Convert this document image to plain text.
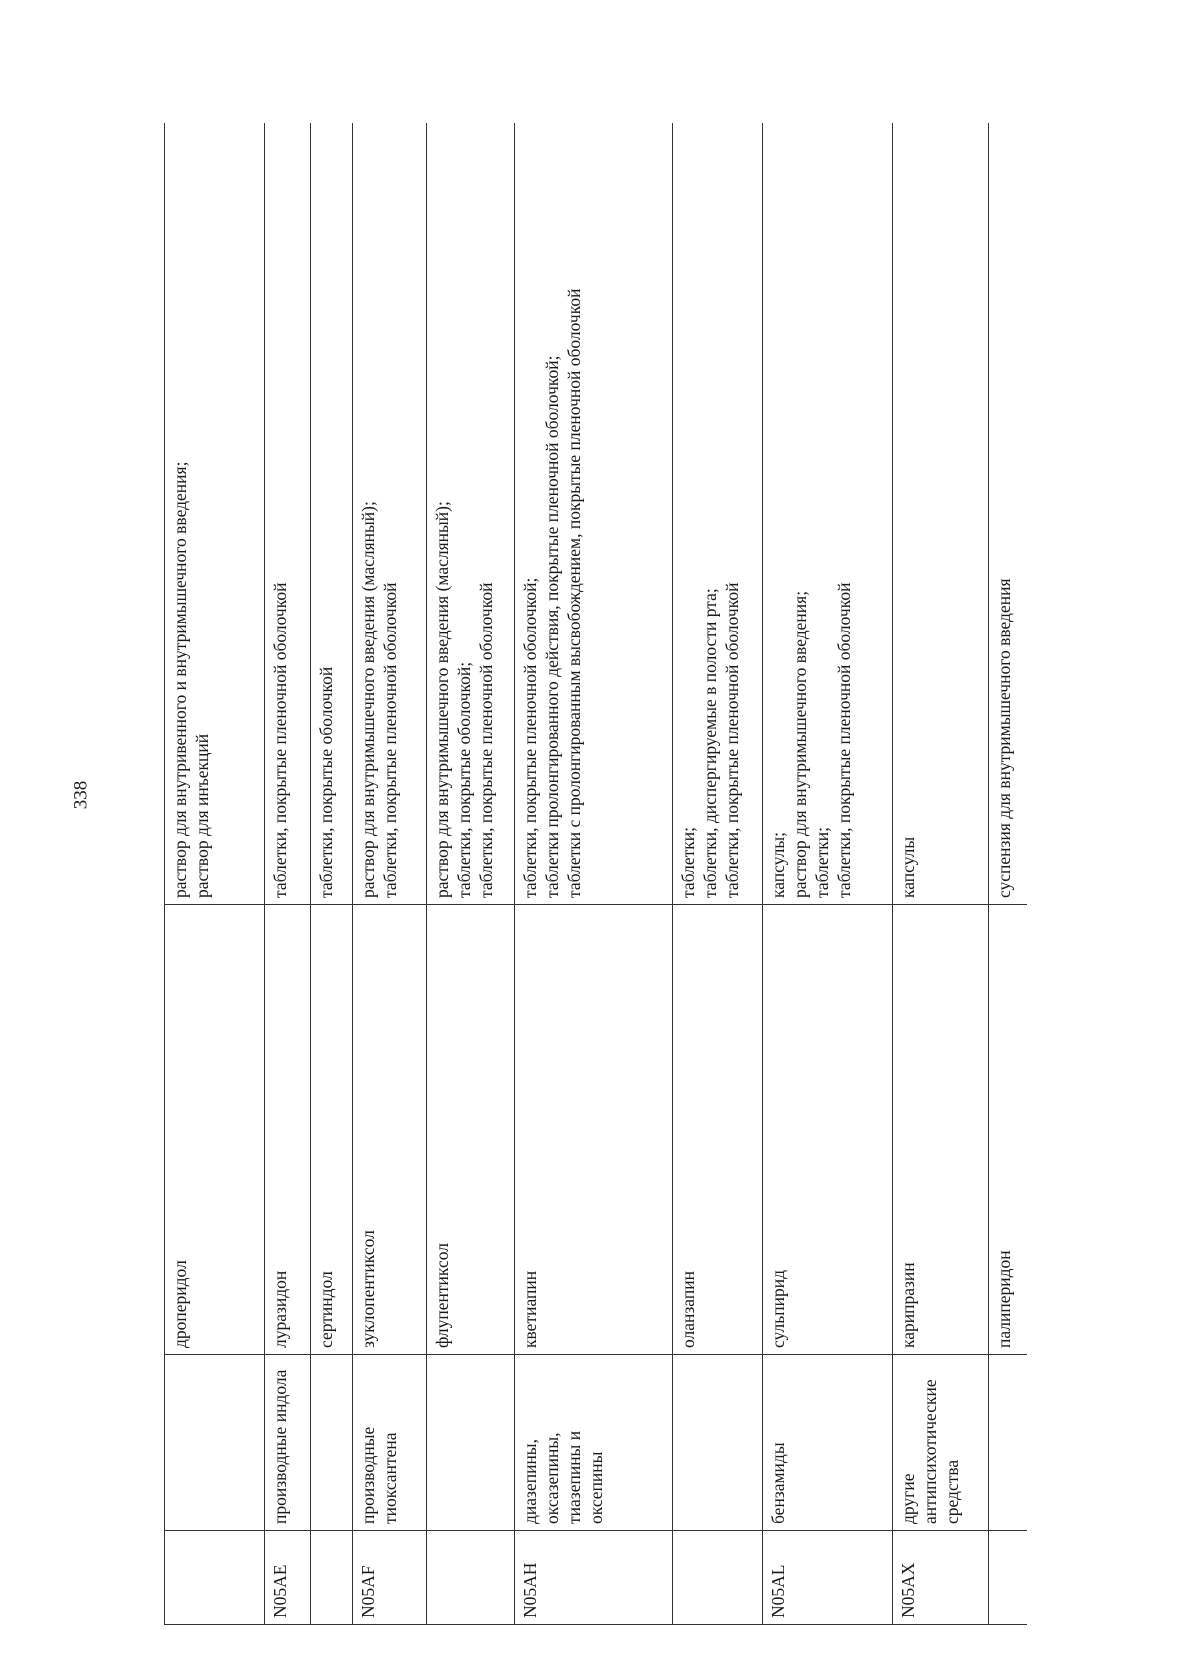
338
		дроперидол	раствор для внутривенного и внутримышечного введения; раствор для инъекций

N05AE	производные индола	луразидон	таблетки, покрытые пленочной оболочкой

		сертиндол	таблетки, покрытые оболочкой

N05AF	производные тиоксантена	зуклопентиксол	раствор для внутримышечного введения (масляный); таблетки, покрытые пленочной оболочкой

		флупентиксол	раствор для внутримышечного введения (масляный); таблетки, покрытые оболочкой; таблетки, покрытые пленочной оболочкой

N05AH	диазепины, оксазепины, тиазепины и оксепины	кветиапин	таблетки, покрытые пленочной оболочкой; таблетки пролонгированного действия, покрытые пленочной оболочкой; таблетки с пролонгированным высвобождением, покрытые пленочной оболочкой

		оланзапин	таблетки; таблетки, диспергируемые в полости рта; таблетки, покрытые пленочной оболочкой

N05AL	бензамиды	сульпирид	капсулы; раствор для внутримышечного введения; таблетки; таблетки, покрытые пленочной оболочкой

N05AX	другие антипсихотические средства	карипразин	капсулы

		палиперидон	суспензия для внутримышечного введения
